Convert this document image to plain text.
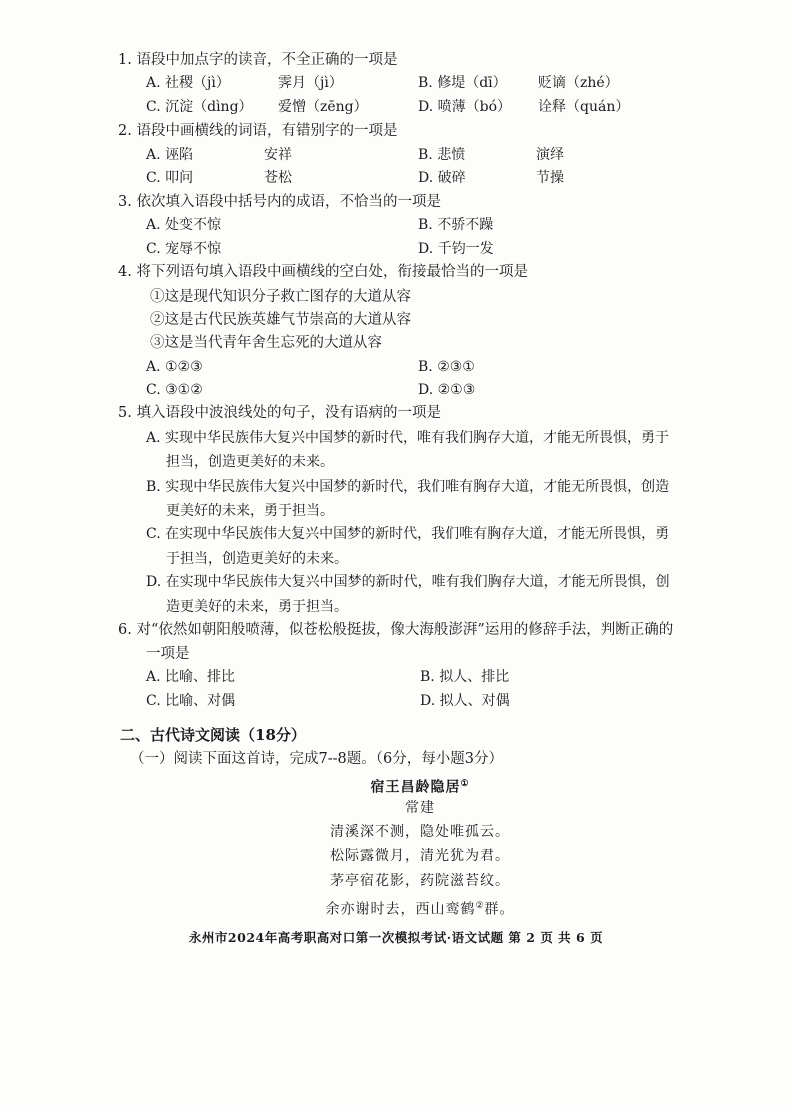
1. 语段中加点字的读音，不全正确的一项是
A. 社稷（jì）	霁月（jì）	B. 修堤（dī） 贬谪（zhé）
C. 沉淀（dìng） 爱憎（zēng）	D. 喷薄（bó） 诠释（quán）
2. 语段中画横线的词语，有错别字的一项是
A. 诬陷	安祥	B. 悲愤	演绎
C. 叩问	苍松	D. 破碎	节操
3. 依次填入语段中括号内的成语，不恰当的一项是
A. 处变不惊	B. 不骄不躁
C. 宠辱不惊	D. 千钧一发
4. 将下列语句填入语段中画横线的空白处，衔接最恰当的一项是
①这是现代知识分子救亡图存的大道从容
②这是古代民族英雄气节崇高的大道从容
③这是当代青年舍生忘死的大道从容
A. ①②③	B. ②③①
C. ③①②	D. ②①③
5. 填入语段中波浪线处的句子，没有语病的一项是
A. 实现中华民族伟大复兴中国梦的新时代，唯有我们胸存大道，才能无所畏惧，勇于
担当，创造更美好的未来。
B. 实现中华民族伟大复兴中国梦的新时代，我们唯有胸存大道，才能无所畏惧，创造
更美好的未来，勇于担当。
C. 在实现中华民族伟大复兴中国梦的新时代，我们唯有胸存大道，才能无所畏惧，勇
于担当，创造更美好的未来。
D. 在实现中华民族伟大复兴中国梦的新时代，唯有我们胸存大道，才能无所畏惧，创
造更美好的未来，勇于担当。
6. 对“依然如朝阳般喷薄，似苍松般挺拔，像大海般澎湃”运用的修辞手法，判断正确的
一项是
A. 比喻、排比	B. 拟人、排比
C. 比喻、对偶	D. 拟人、对偶
二、古代诗文阅读（18分）
（一）阅读下面这首诗，完成7--8题。（6分，每小题3分）
宿王昌龄隐居①
常建
清溪深不测，隐处唯孤云。
松际露微月，清光犹为君。
茅亭宿花影，药院滋苔纹。
余亦谢时去，西山鸾鹤②群。
永州市2024年高考职高对口第一次模拟考试·语文试题 第 2 页 共 6 页
